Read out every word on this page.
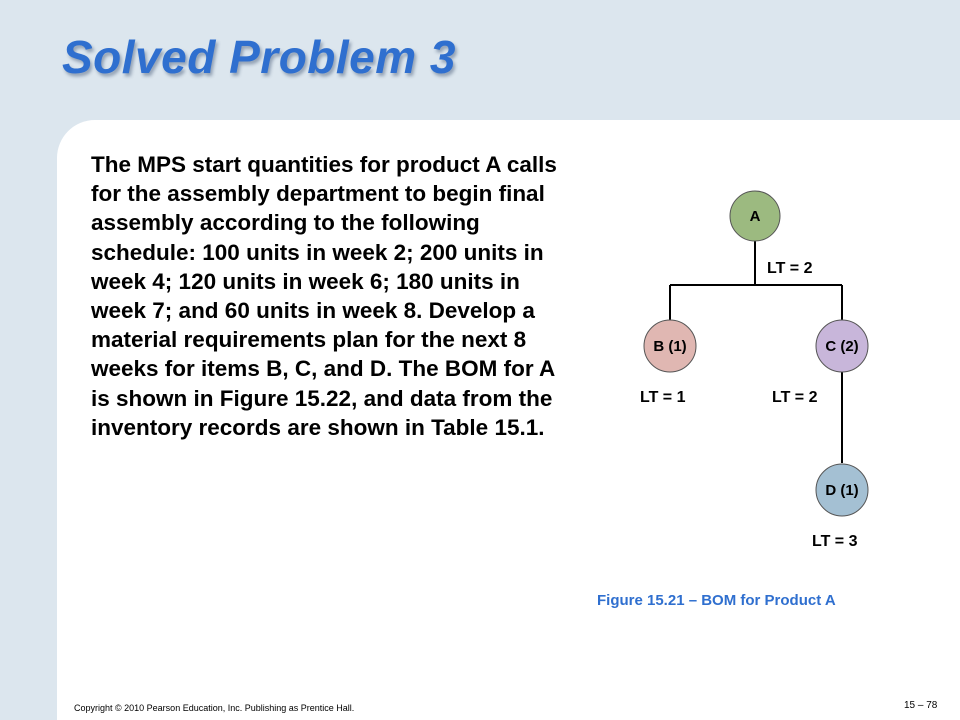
Solved Problem 3

The MPS start quantities for product A calls for the assembly department to begin final assembly according to the following schedule: 100 units in week 2; 200 units in week 4; 120 units in week 6; 180 units in week 7; and 60 units in week 8. Develop a material requirements plan for the next 8 weeks for items B, C, and D. The BOM for A is shown in Figure 15.22, and data from the inventory records are shown in Table 15.1.

A
LT = 2
B (1)
LT = 1
C (2)
LT = 2
D (1)
LT = 3

Figure 15.21 – BOM for Product A

Copyright © 2010 Pearson Education, Inc. Publishing as Prentice Hall.	15 – 78
